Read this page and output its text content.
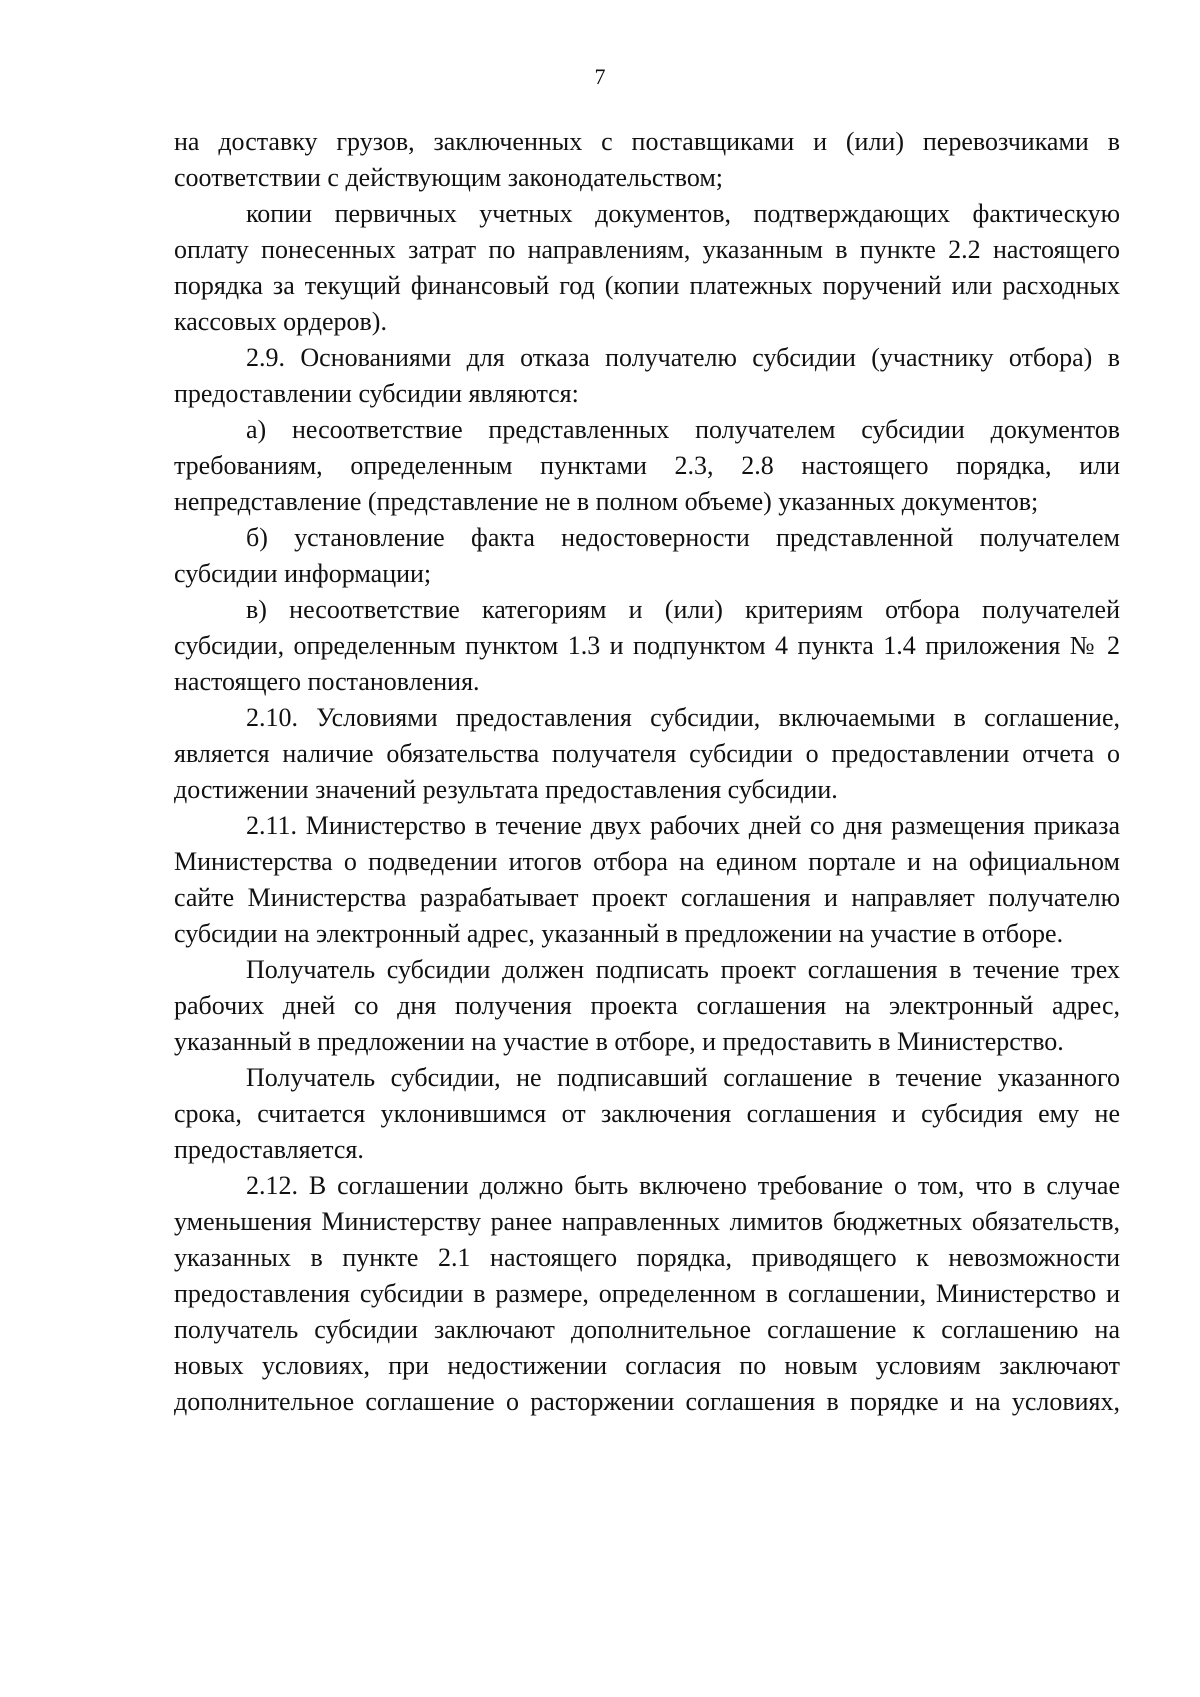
7

на доставку грузов, заключенных с поставщиками и (или) перевозчиками в соответствии с действующим законодательством;

копии первичных учетных документов, подтверждающих фактическую оплату понесенных затрат по направлениям, указанным в пункте 2.2 настоящего порядка за текущий финансовый год (копии платежных поручений или расходных кассовых ордеров).

2.9. Основаниями для отказа получателю субсидии (участнику отбора) в предоставлении субсидии являются:

а) несоответствие представленных получателем субсидии документов требованиям, определенным пунктами 2.3, 2.8 настоящего порядка, или непредставление (представление не в полном объеме) указанных документов;

б) установление факта недостоверности представленной получателем субсидии информации;

в) несоответствие категориям и (или) критериям отбора получателей субсидии, определенным пунктом 1.3 и подпунктом 4 пункта 1.4 приложения № 2 настоящего постановления.

2.10. Условиями предоставления субсидии, включаемыми в соглашение, является наличие обязательства получателя субсидии о предоставлении отчета о достижении значений результата предоставления субсидии.

2.11. Министерство в течение двух рабочих дней со дня размещения приказа Министерства о подведении итогов отбора на едином портале и на официальном сайте Министерства разрабатывает проект соглашения и направляет получателю субсидии на электронный адрес, указанный в предложении на участие в отборе.

Получатель субсидии должен подписать проект соглашения в течение трех рабочих дней со дня получения проекта соглашения на электронный адрес, указанный в предложении на участие в отборе, и предоставить в Министерство.

Получатель субсидии, не подписавший соглашение в течение указанного срока, считается уклонившимся от заключения соглашения и субсидия ему не предоставляется.

2.12. В соглашении должно быть включено требование о том, что в случае уменьшения Министерству ранее направленных лимитов бюджетных обязательств, указанных в пункте 2.1 настоящего порядка, приводящего к невозможности предоставления субсидии в размере, определенном в соглашении, Министерство и получатель субсидии заключают дополнительное соглашение к соглашению на новых условиях, при недостижении согласия по новым условиям заключают дополнительное соглашение о расторжении соглашения в порядке и на условиях,
